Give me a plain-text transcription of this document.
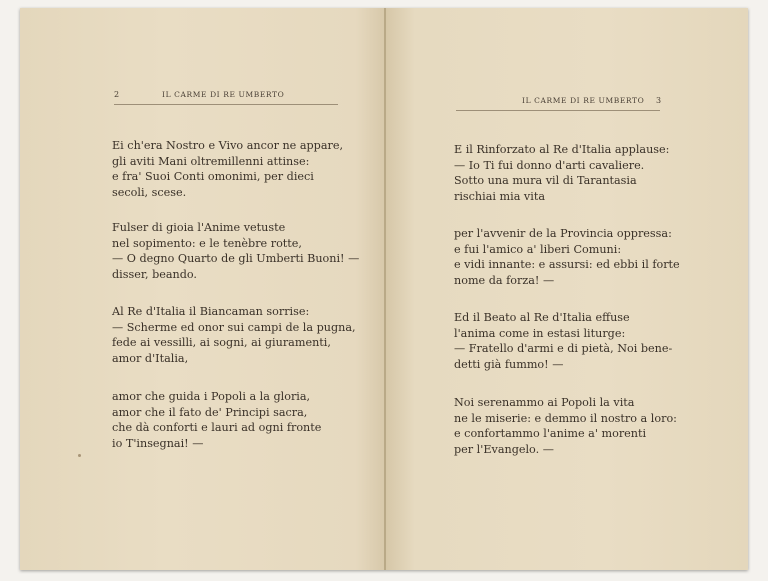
2	IL CARME DI RE UMBERTO
Ei ch'era Nostro e Vivo ancor ne appare,
gli aviti Mani oltremillenni attinse:
e fra' Suoi Conti omonimi, per dieci
secoli, scese.
Fulser di gioia l'Anime vetuste
nel sopimento: e le tenèbre rotte,
— O degno Quarto de gli Umberti Buoni! —
disser, beando.
Al Re d'Italia il Biancaman sorrise:
— Scherme ed onor sui campi de la pugna,
fede ai vessilli, ai sogni, ai giuramenti,
amor d'Italia,
amor che guida i Popoli a la gloria,
amor che il fato de' Principi sacra,
che dà conforti e lauri ad ogni fronte
io T'insegnai! —
IL CARME DI RE UMBERTO 3
E il Rinforzato al Re d'Italia applause:
— Io Ti fui donno d'arti cavaliere.
Sotto una mura vil di Tarantasia
rischiai mia vita
per l'avvenir de la Provincia oppressa:
e fui l'amico a' liberi Comuni:
e vidi innante: e assursi: ed ebbi il forte
nome da forza! —
Ed il Beato al Re d'Italia effuse
l'anima come in estasi liturge:
— Fratello d'armi e di pietà, Noi bene-
detti già fummo! —
Noi serenammo ai Popoli la vita
ne le miserie: e demmo il nostro a loro:
e confortammo l'anime a' morenti
per l'Evangelo. —
